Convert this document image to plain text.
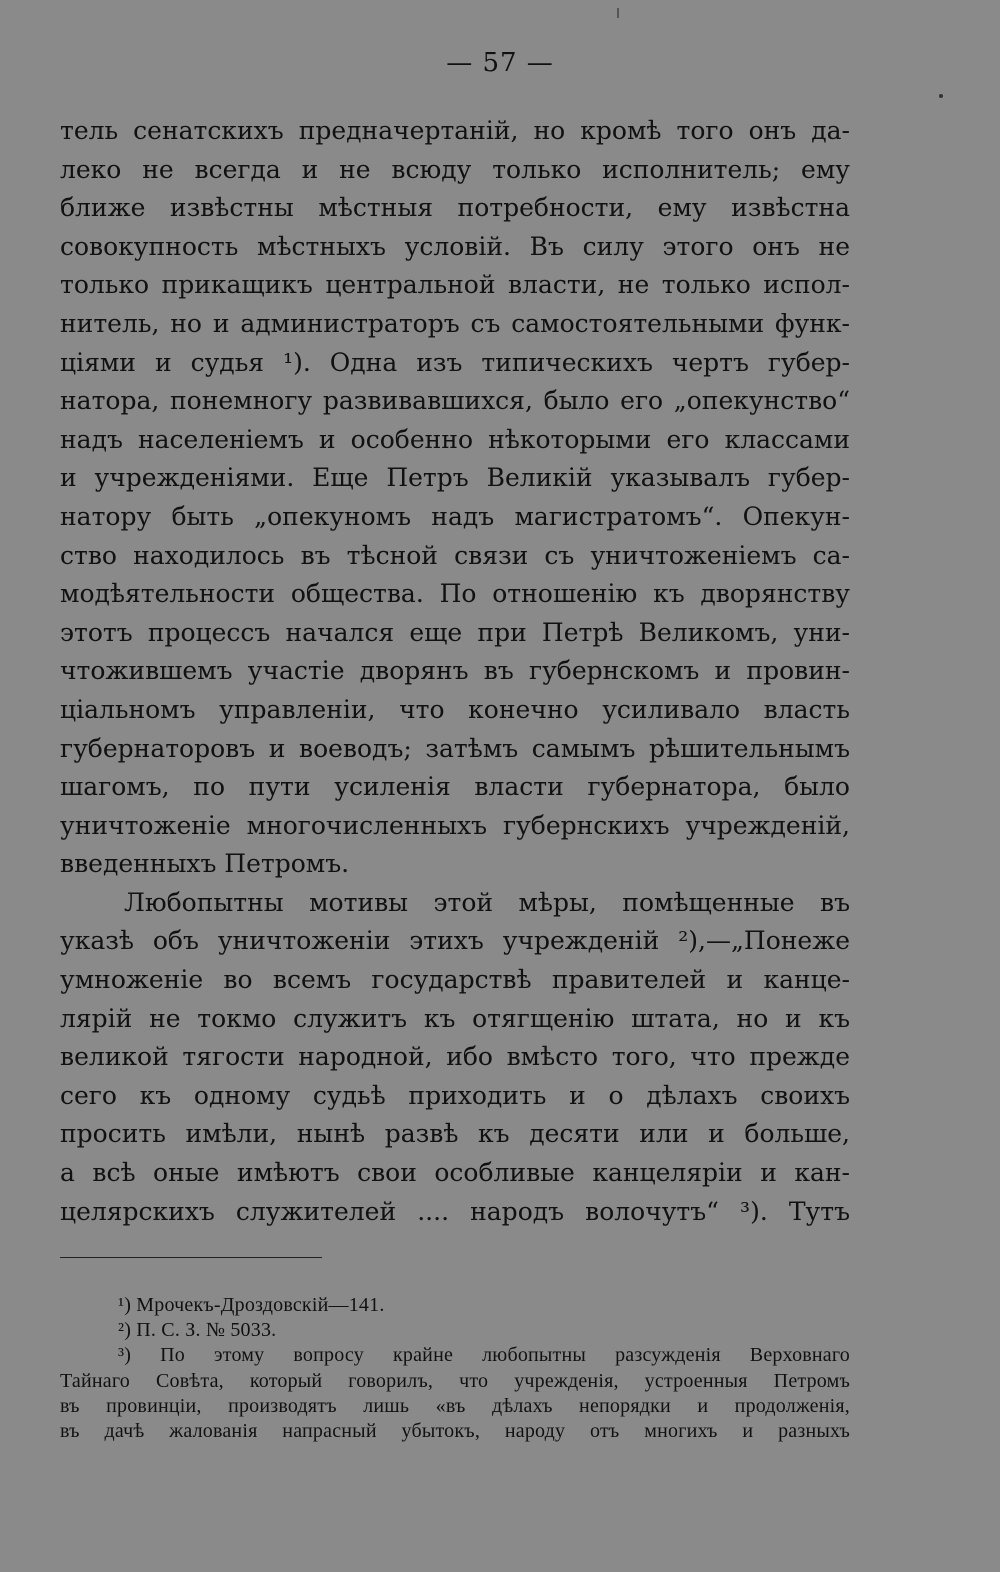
— 57 —
тель сенатскихъ предначертаній, но кромѣ того онъ да-
леко не всегда и не всюду только исполнитель; ему
ближе извѣстны мѣстныя потребности, ему извѣстна
совокупность мѣстныхъ условій. Въ силу этого онъ не
только прикащикъ центральной власти, не только испол-
нитель, но и администраторъ съ самостоятельными функ-
ціями и судья ¹). Одна изъ типическихъ чертъ губер-
натора, понемногу развивавшихся, было его „опекунство“
надъ населеніемъ и особенно нѣкоторыми его классами
и учрежденіями. Еще Петръ Великій указывалъ губер-
натору быть „опекуномъ надъ магистратомъ“. Опекун-
ство находилось въ тѣсной связи съ уничтоженіемъ са-
модѣятельности общества. По отношенію къ дворянству
этотъ процессъ начался еще при Петрѣ Великомъ, уни-
чтожившемъ участіе дворянъ въ губернскомъ и провин-
ціальномъ управленіи, что конечно усиливало власть
губернаторовъ и воеводъ; затѣмъ самымъ рѣшительнымъ
шагомъ, по пути усиленія власти губернатора, было
уничтоженіе многочисленныхъ губернскихъ учрежденій,
введенныхъ Петромъ.
Любопытны мотивы этой мѣры, помѣщенные въ
указѣ объ уничтоженіи этихъ учрежденій ²),—„Понеже
умноженіе во всемъ государствѣ правителей и канце-
лярій не токмо служитъ къ отягщенію штата, но и къ
великой тягости народной, ибо вмѣсто того, что прежде
сего къ одному судьѣ приходить и о дѣлахъ своихъ
просить имѣли, нынѣ развѣ къ десяти или и больше,
а всѣ оные имѣютъ свои особливые канцеляріи и кан-
целярскихъ служителей .... народъ волочутъ“ ³). Тутъ
¹) Мрочекъ-Дроздовскій—141.
²) П. С. З. № 5033.
³) По этому вопросу крайне любопытны разсужденія Верховнаго
Тайнаго Совѣта, который говорилъ, что учрежденія, устроенныя Петромъ
въ провинціи, производятъ лишь «въ дѣлахъ непорядки и продолженія,
въ дачѣ жалованія напрасный убытокъ, народу отъ многихъ и разныхъ
